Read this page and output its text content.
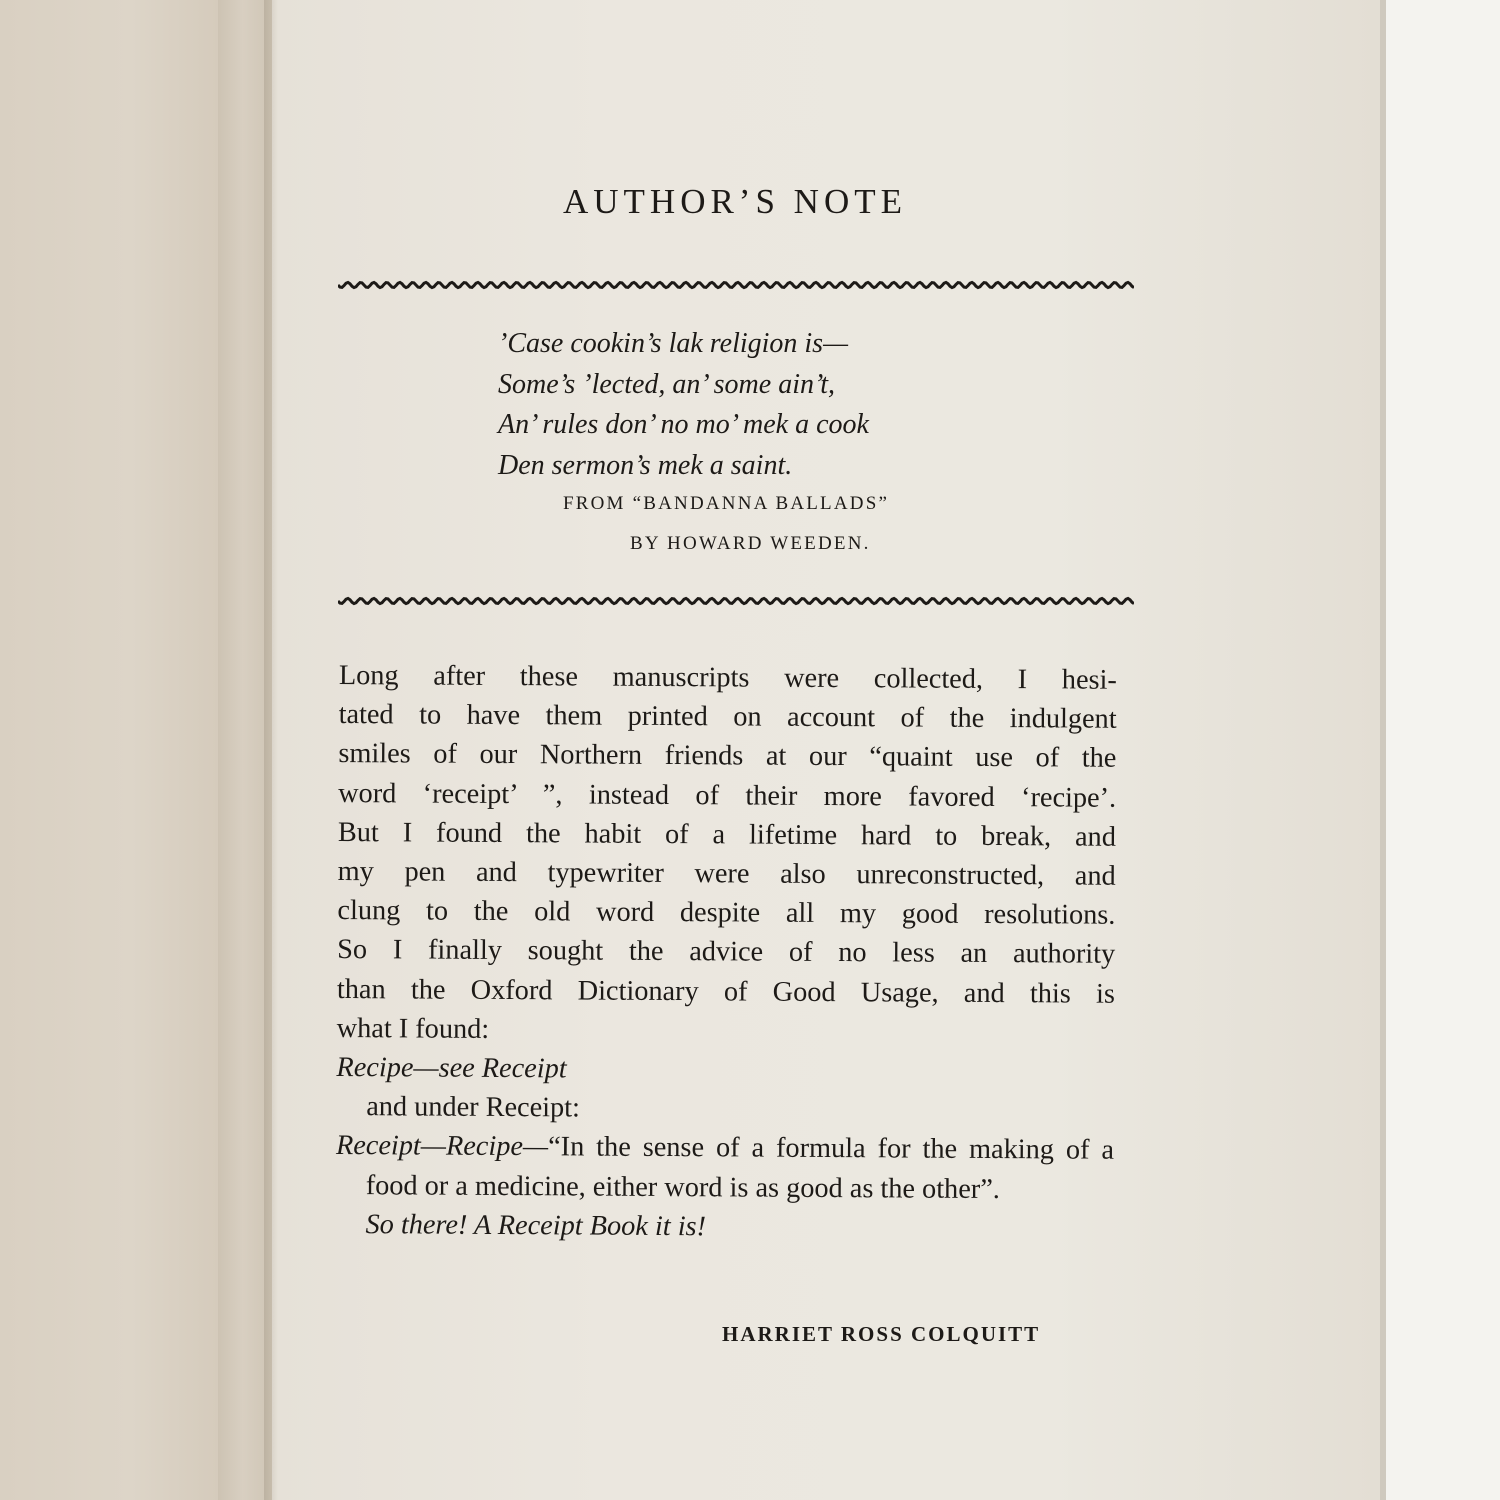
AUTHOR’S NOTE
’Case cookin’s lak religion is—
Some’s ’lected, an’ some ain’t,
An’ rules don’ no mo’ mek a cook
Den sermon’s mek a saint.
FROM “BANDANNA BALLADS”
BY HOWARD WEEDEN.
Long after these manuscripts were collected, I hesi-
tated to have them printed on account of the indulgent
smiles of our Northern friends at our “quaint use of the
word ‘receipt’ ”, instead of their more favored ‘recipe’.
But I found the habit of a lifetime hard to break, and
my pen and typewriter were also unreconstructed, and
clung to the old word despite all my good resolutions.
So I finally sought the advice of no less an authority
than the Oxford Dictionary of Good Usage, and this is
what I found:
Recipe—see Receipt
and under Receipt:
Receipt—Recipe—“In the sense of a formula for the making of a food or a medicine, either word is as good as the other”.
So there! A Receipt Book it is!
HARRIET ROSS COLQUITT
